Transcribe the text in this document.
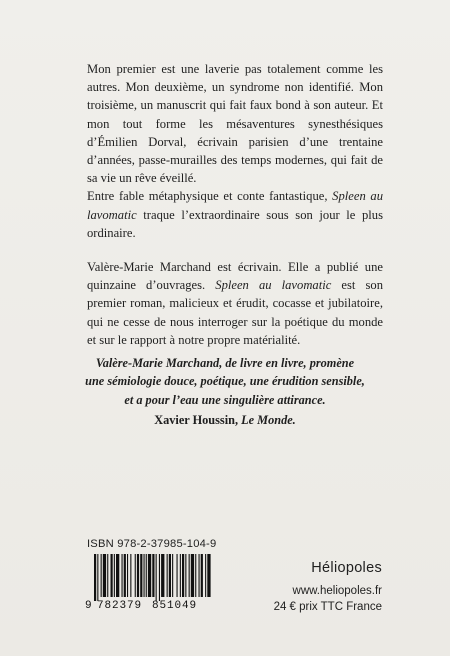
Mon premier est une laverie pas totalement comme les autres. Mon deuxième, un syndrome non identifié. Mon troisième, un manuscrit qui fait faux bond à son auteur. Et mon tout forme les mésaventures synesthésiques d’Émilien Dorval, écrivain parisien d’une trentaine d’années, passe-murailles des temps modernes, qui fait de sa vie un rêve éveillé.

Entre fable métaphysique et conte fantastique, Spleen au lavomatic traque l’extraordinaire sous son jour le plus ordinaire.

Valère-Marie Marchand est écrivain. Elle a publié une quinzaine d’ouvrages. Spleen au lavomatic est son premier roman, malicieux et érudit, cocasse et jubilatoire, qui ne cesse de nous interroger sur la poétique du monde et sur le rapport à notre propre matérialité.

Valère-Marie Marchand, de livre en livre, promène
une sémiologie douce, poétique, une érudition sensible,
et a pour l’eau une singulière attirance.
Xavier Houssin, Le Monde.
ISBN 978-2-37985-104-9
9 782379 851049
Héliopoles
www.heliopoles.fr
24 € prix TTC France
